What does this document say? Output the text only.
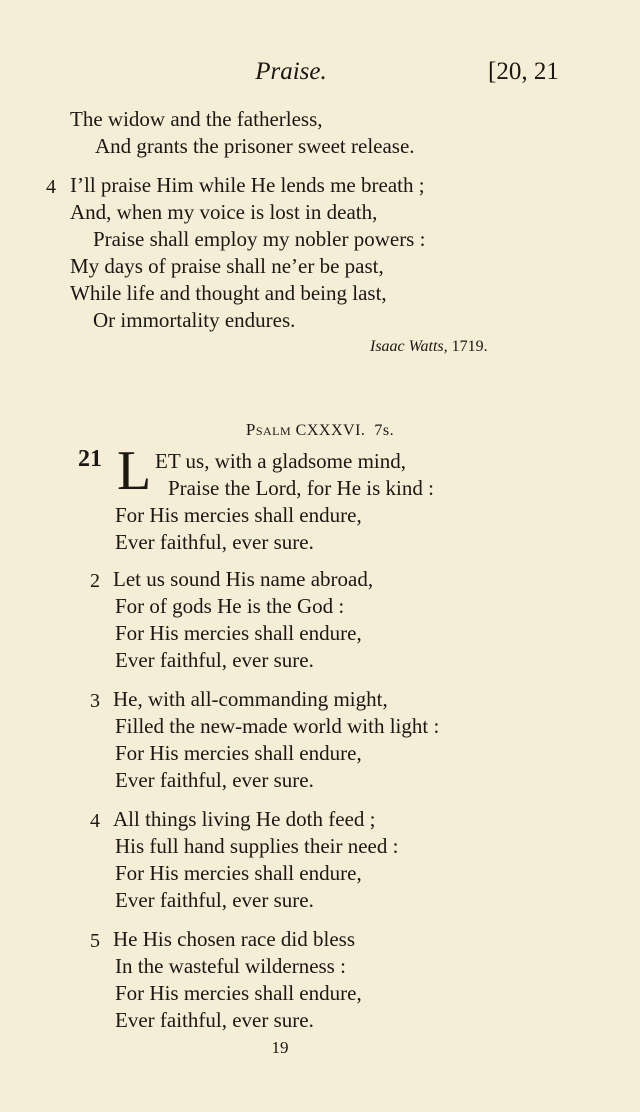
Praise.	[20, 21
The widow and the fatherless,
And grants the prisoner sweet release.
4 I’ll praise Him while He lends me breath ;
And, when my voice is lost in death,
Praise shall employ my nobler powers :
My days of praise shall ne’er be past,
While life and thought and being last,
Or immortality endures.
Isaac Watts, 1719.
Psalm CXXXVI. 7s.
21 L ET us, with a gladsome mind,
Praise the Lord, for He is kind :
For His mercies shall endure,
Ever faithful, ever sure.
2 Let us sound His name abroad,
For of gods He is the God :
For His mercies shall endure,
Ever faithful, ever sure.
3 He, with all-commanding might,
Filled the new-made world with light :
For His mercies shall endure,
Ever faithful, ever sure.
4 All things living He doth feed ;
His full hand supplies their need :
For His mercies shall endure,
Ever faithful, ever sure.
5 He His chosen race did bless
In the wasteful wilderness :
For His mercies shall endure,
Ever faithful, ever sure.
19
